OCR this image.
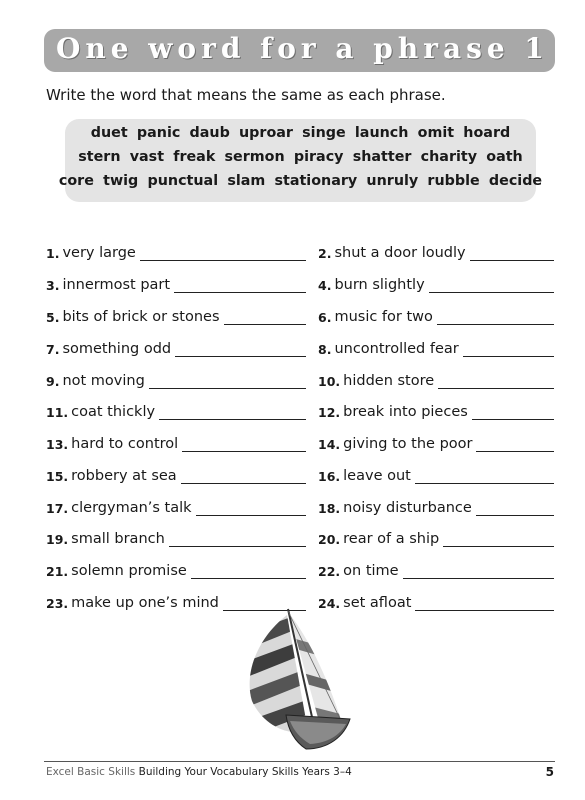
One word for a phrase 1
Write the word that means the same as each phrase.
duet panic daub uproar singe launch omit hoard
stern vast freak sermon piracy shatter charity oath
core twig punctual slam stationary unruly rubble decide
1. very large	2. shut a door loudly
3. innermost part	4. burn slightly
5. bits of brick or stones	6. music for two
7. something odd	8. uncontrolled fear
9. not moving	10. hidden store
11. coat thickly	12. break into pieces
13. hard to control	14. giving to the poor
15. robbery at sea	16. leave out
17. clergyman’s talk	18. noisy disturbance
19. small branch	20. rear of a ship
21. solemn promise	22. on time
23. make up one’s mind	24. set afloat
Excel Basic Skills Building Your Vocabulary Skills Years 3–4	5
